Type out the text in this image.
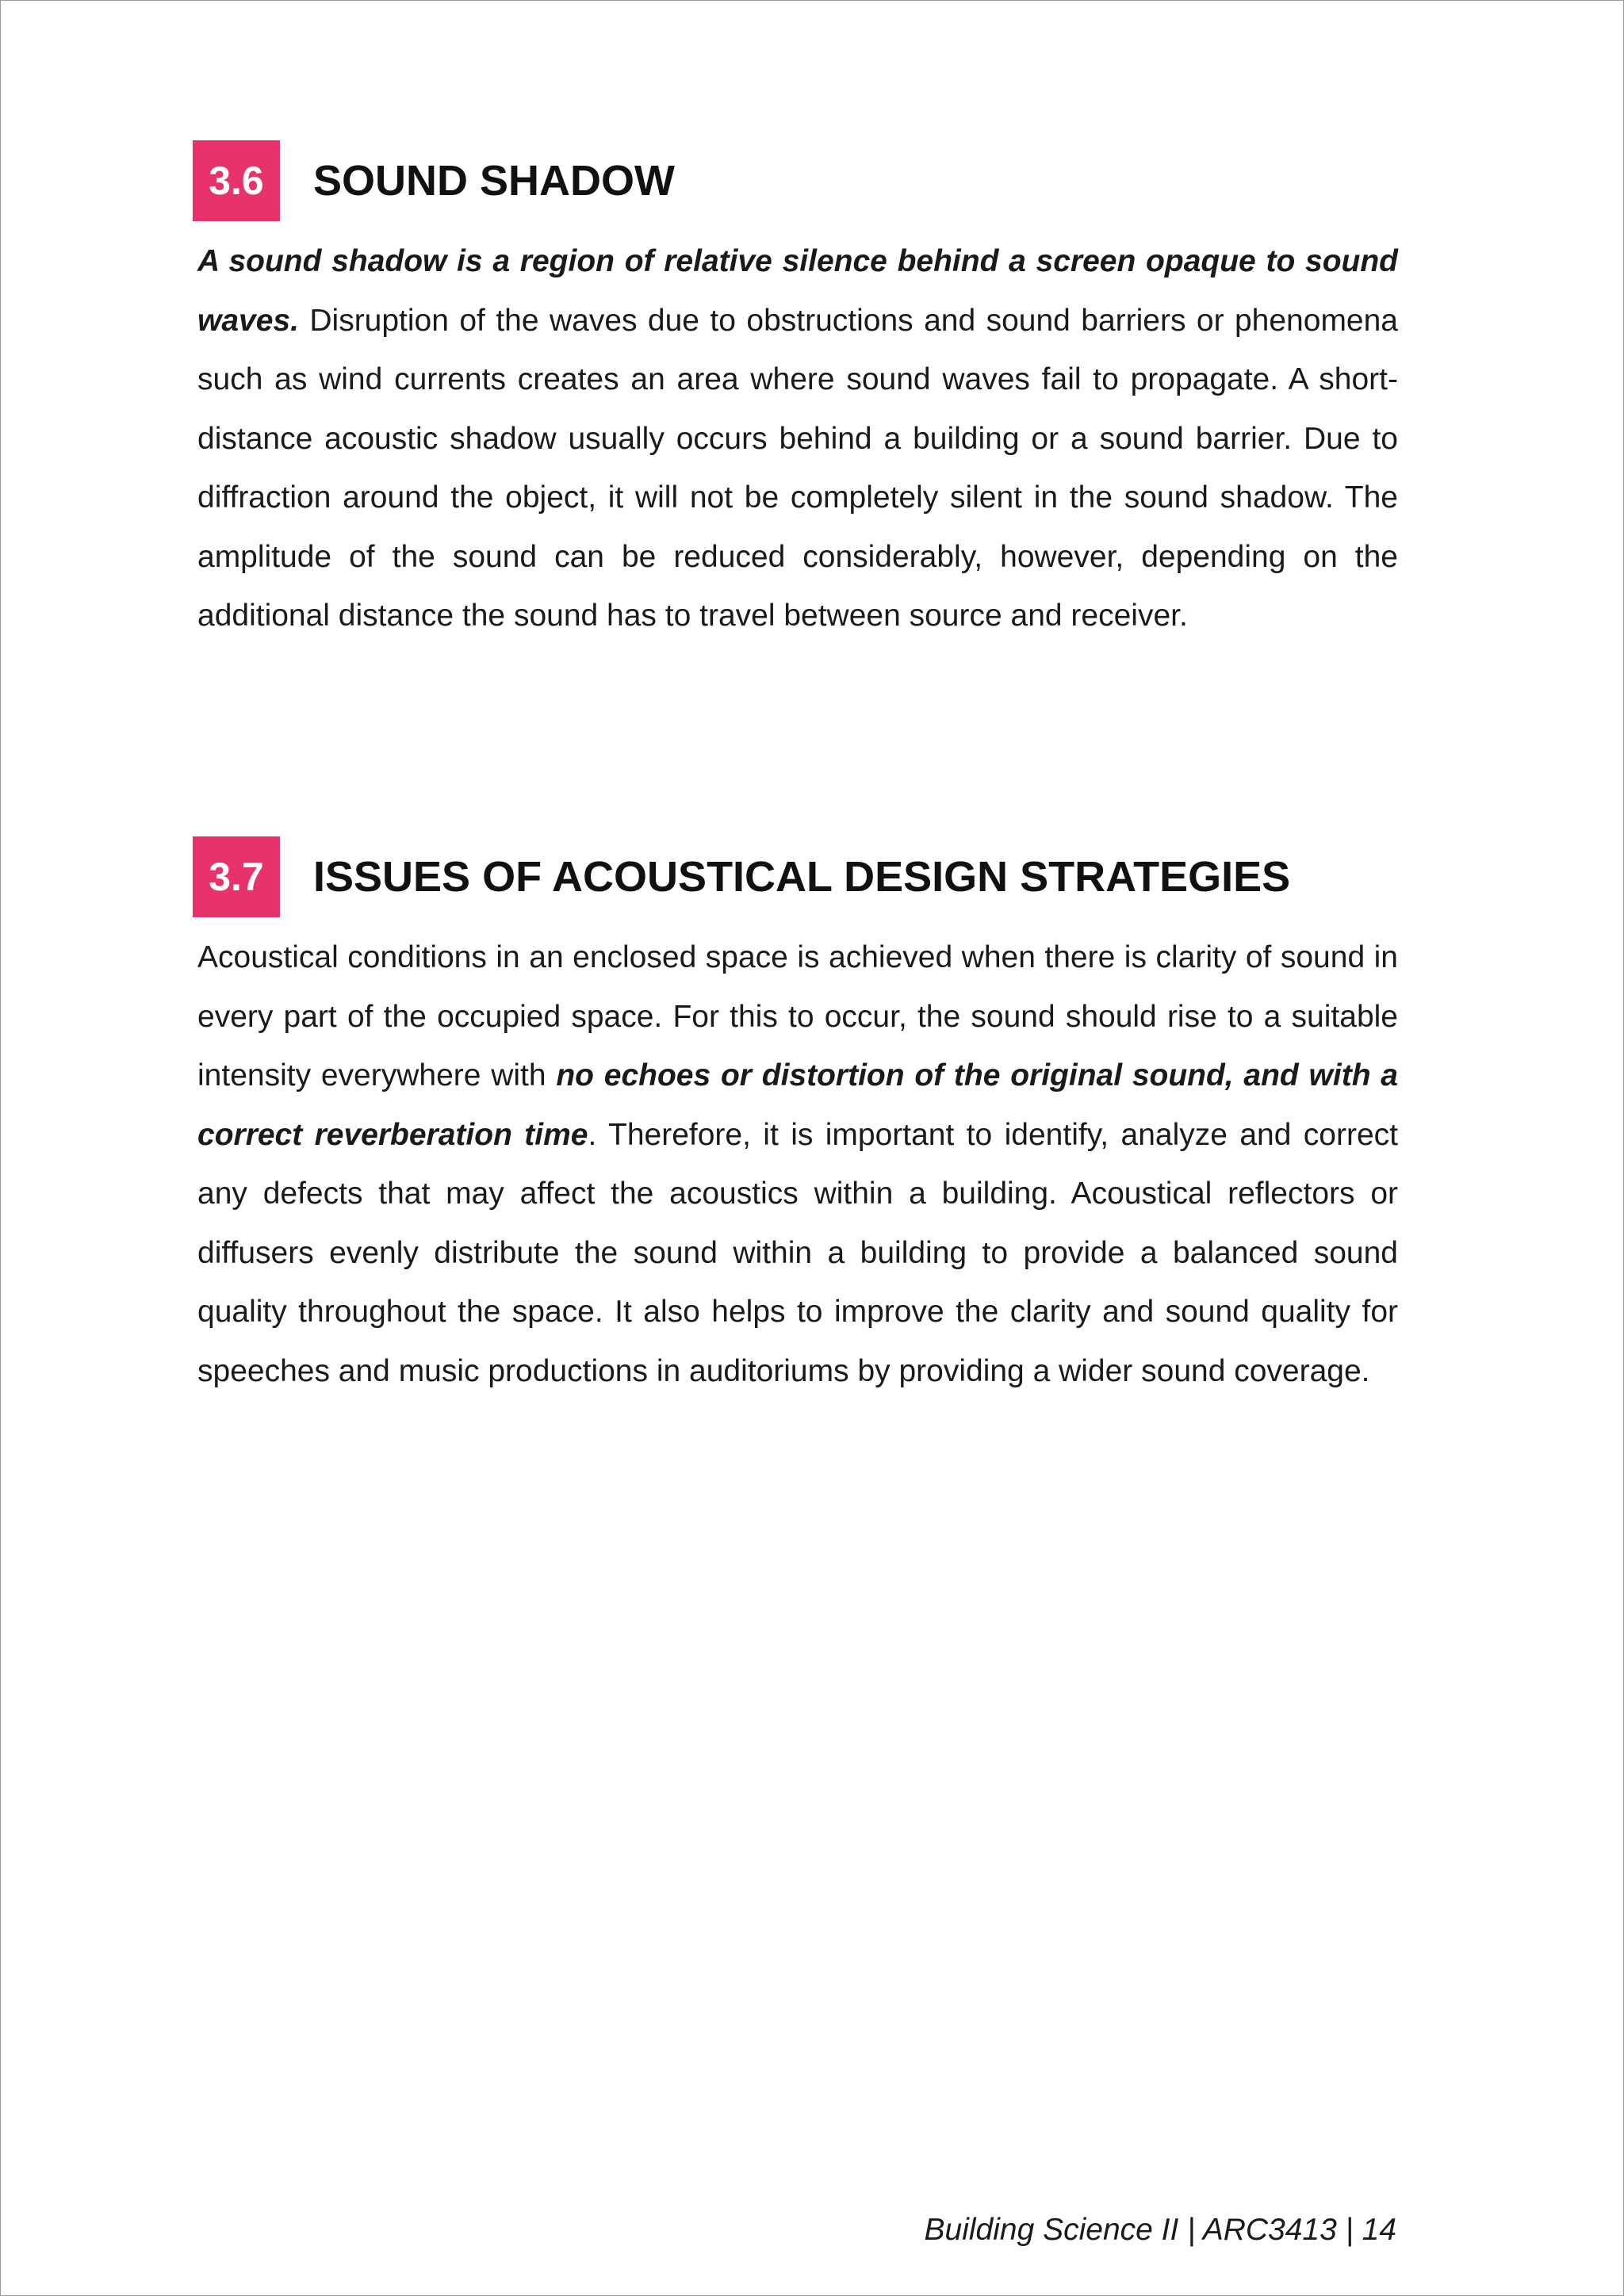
3.6	SOUND SHADOW

A sound shadow is a region of relative silence behind a screen opaque to sound waves. Disruption of the waves due to obstructions and sound barriers or phenomena such as wind currents creates an area where sound waves fail to propagate. A short-distance acoustic shadow usually occurs behind a building or a sound barrier. Due to diffraction around the object, it will not be completely silent in the sound shadow. The amplitude of the sound can be reduced considerably, however, depending on the additional distance the sound has to travel between source and receiver.

3.7	ISSUES OF ACOUSTICAL DESIGN STRATEGIES

Acoustical conditions in an enclosed space is achieved when there is clarity of sound in every part of the occupied space. For this to occur, the sound should rise to a suitable intensity everywhere with no echoes or distortion of the original sound, and with a correct reverberation time. Therefore, it is important to identify, analyze and correct any defects that may affect the acoustics within a building. Acoustical reflectors or diffusers evenly distribute the sound within a building to provide a balanced sound quality throughout the space. It also helps to improve the clarity and sound quality for speeches and music productions in auditoriums by providing a wider sound coverage.

Building Science II | ARC3413 | 14
